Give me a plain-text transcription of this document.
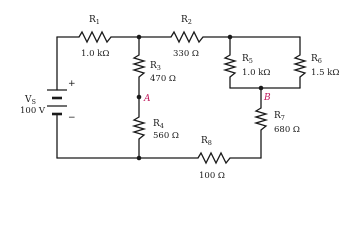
+
−
$V_S$
100 V
$R_1$
1.0 kΩ
$R_2$
330 Ω
$R_3$
470 Ω
$R_4$
560 Ω
$R_5$
1.0 kΩ
$R_6$
1.5 kΩ
$R_7$
680 Ω
$R_8$
100 Ω
A	B
